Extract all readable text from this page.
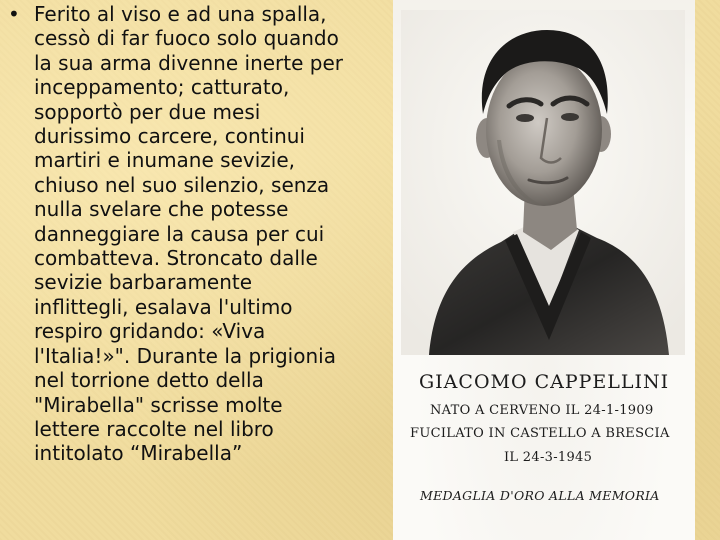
• Ferito al viso e ad una spalla,
cessò di far fuoco solo quando
la sua arma divenne inerte per
inceppamento; catturato,
sopportò per due mesi
durissimo carcere, continui
martiri e inumane sevizie,
chiuso nel suo silenzio, senza
nulla svelare che potesse
danneggiare la causa per cui
combatteva. Stroncato dalle
sevizie barbaramente
inflittegli, esalava l'ultimo
respiro gridando: «Viva
l'Italia!»". Durante la prigionia
nel torrione detto della
"Mirabella" scrisse molte
lettere raccolte nel libro
intitolato “Mirabella”
GIACOMO CAPPELLINI
NATO A CERVENO IL 24-1-1909
FUCILATO IN CASTELLO A BRESCIA
IL 24-3-1945
MEDAGLIA D'ORO ALLA MEMORIA
